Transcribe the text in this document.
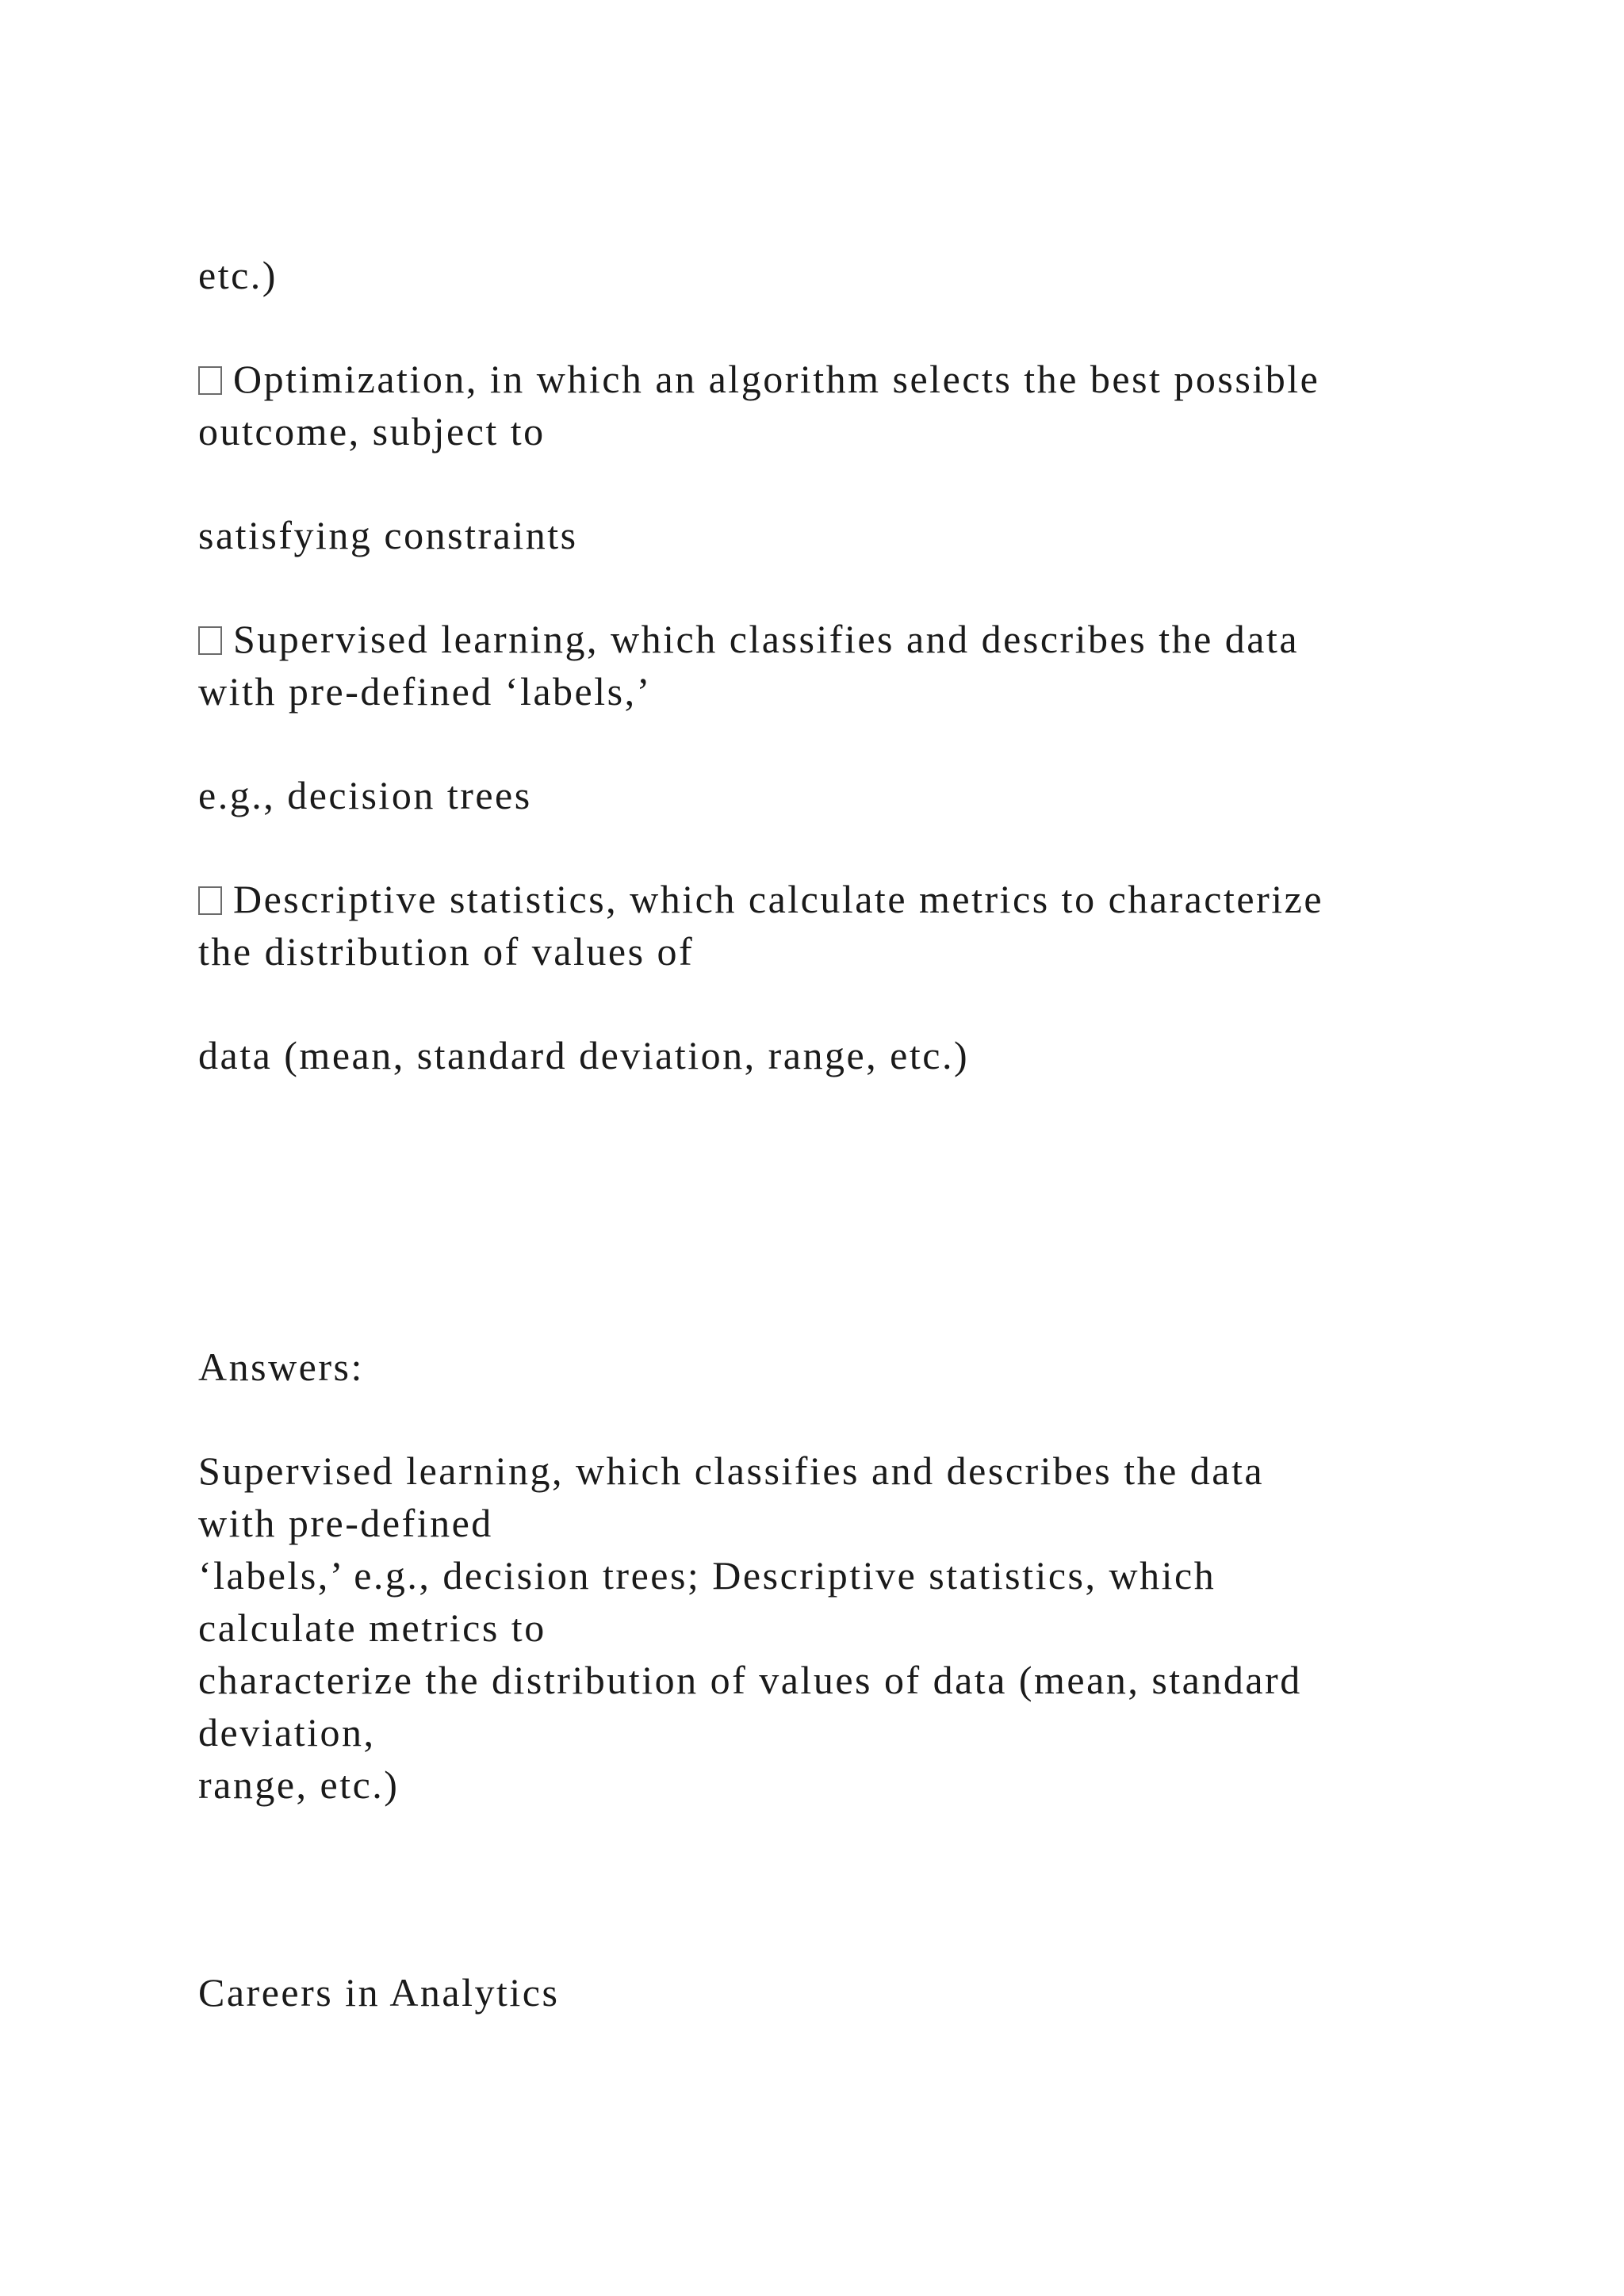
etc.)
Optimization, in which an algorithm selects the best possible
outcome, subject to
satisfying constraints
Supervised learning, which classifies and describes the data
with pre-defined ‘labels,’
e.g., decision trees
Descriptive statistics, which calculate metrics to characterize
the distribution of values of
data (mean, standard deviation, range, etc.)
Answers:
Supervised learning, which classifies and describes the data
with pre-defined
‘labels,’ e.g., decision trees; Descriptive statistics, which
calculate metrics to
characterize the distribution of values of data (mean, standard
deviation,
range, etc.)
Careers in Analytics
